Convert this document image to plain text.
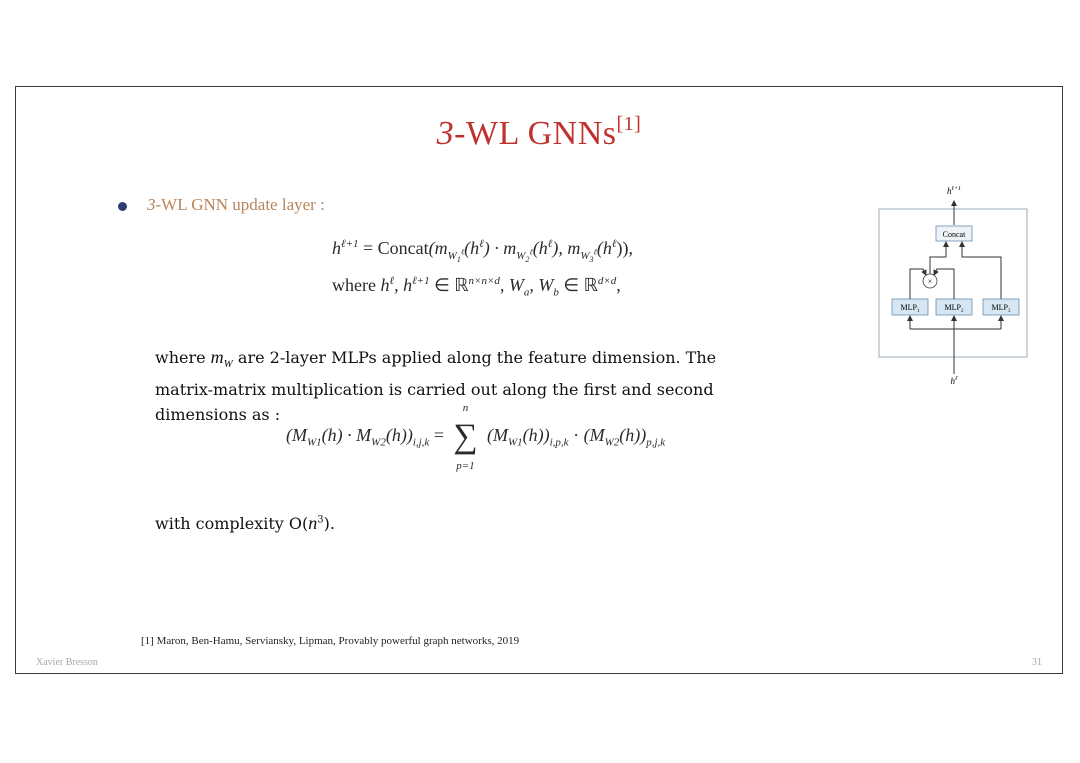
3-WL GNNs[1]
3-WL GNN update layer :
$h^{\ell+1}$ = $Concat(m_{W_1^\ell}(h^\ell) \cdot m_{W_2^\ell}(h^\ell)$, $m_{W_3^\ell}(h^\ell)$),
where $h^\ell$, $h^{\ell+1}$ ∈ ℝ$^{n\times n\times d}$, $W_a$, $W_b$ ∈ ℝ$^{d\times d}$,
where $m_W$ are 2-layer MLPs applied along the feature dimension. The matrix-matrix multiplication is carried out along the first and second dimensions as :
$(M_{W1}(h) \cdot M_{W2}(h))_{i,j,k}$ =
n
∑
p=1
$(M_{W1}(h))_{i,p,k} \cdot (M_{W2}(h))_{p,j,k}$
with complexity $O(n^3)$.
$h^{\ell+1}$
Concat
×
$MLP_1$	$MLP_2$	$MLP_3$
$h^\ell$
[1] Maron, Ben-Hamu, Serviansky, Lipman, Provably powerful graph networks, 2019
Xavier Bresson	31
